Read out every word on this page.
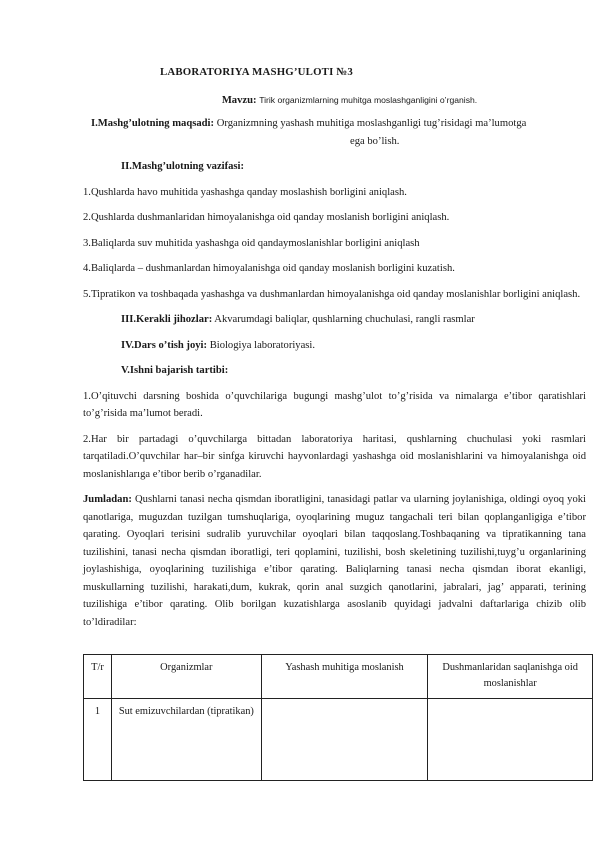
LABORATORIYA MASHG’ULOTI №3
Mavzu: Tirik organizmlarning muhitga moslashganligini o’rganish.
I.Mashg’ulotning maqsadi: Organizmning yashash muhitiga moslashganligi tug’risidagi ma’lumotga
ega bo’lish.
II.Mashg’ulotning vazifasi:

1.Qushlarda havo muhitida yashashga qanday moslashish borligini aniqlash.

2.Qushlarda dushmanlaridan himoyalanishga oid qanday moslanish borligini aniqlash.

3.Baliqlarda suv muhitida yashashga oid qandaymoslanishlar borligini aniqlash

4.Baliqlarda – dushmanlardan himoyalanishga oid qanday moslanish borligini kuzatish.

5.Tipratikon va toshbaqada yashashga va dushmanlardan himoyalanishga oid qanday moslanishlar borligini aniqlash.

III.Kerakli jihozlar: Akvarumdagi baliqlar, qushlarning chuchulasi, rangli rasmlar
IV.Dars o’tish joyi: Biologiya laboratoriyasi.
V.Ishni bajarish tartibi:

1.O’qituvchi darsning boshida o’quvchilariga bugungi mashg’ulot to’g’risida va nimalarga e’tibor qaratishlari to’g’risida ma’lumot beradi.

2.Har bir partadagi o’quvchilarga bittadan laboratoriya haritasi, qushlarning chuchulasi yoki rasmlari tarqatiladi.O’quvchilar har–bir sinfga kiruvchi hayvonlardagi yashashga oid moslanishlarini va himoyalanishga oid moslanishlarıga e’tibor berib o’rganadilar.

Jumladan: Qushlarni tanasi necha qismdan iboratligini, tanasidagi patlar va ularning joylanishiga, oldingi oyoq yoki qanotlariga, muguzdan tuzilgan tumshuqlariga, oyoqlarining muguz tangachali teri bilan qoplanganligiga e’tibor qarating. Oyoqlari terisini sudralib yuruvchilar oyoqlari bilan taqqoslang.Toshbaqaning va tipratikanning tana tuzilishini, tanasi necha qismdan iboratligi, teri qoplamini, tuzilishi, bosh skeletining tuzilishi,tuyg’u organlarining joylashishiga, oyoqlarining tuzilishiga e’tibor qarating. Baliqlarning tanasi necha qismdan iborat ekanligi, muskullarning tuzilishi, harakati,dum, kukrak, qorin anal suzgich qanotlarini, jabralari, jag’ apparati, terining tuzilishiga e’tibor qarating. Olib borilgan kuzatishlarga asoslanib quyidagi jadvalni daftarlariga chizib olib to’ldiradilar:

T/r	Organizmlar	Yashash muhitiga moslanish	Dushmanlaridan saqlanishga oid moslanishlar
1	Sut emizuvchilardan (tipratikan)		
